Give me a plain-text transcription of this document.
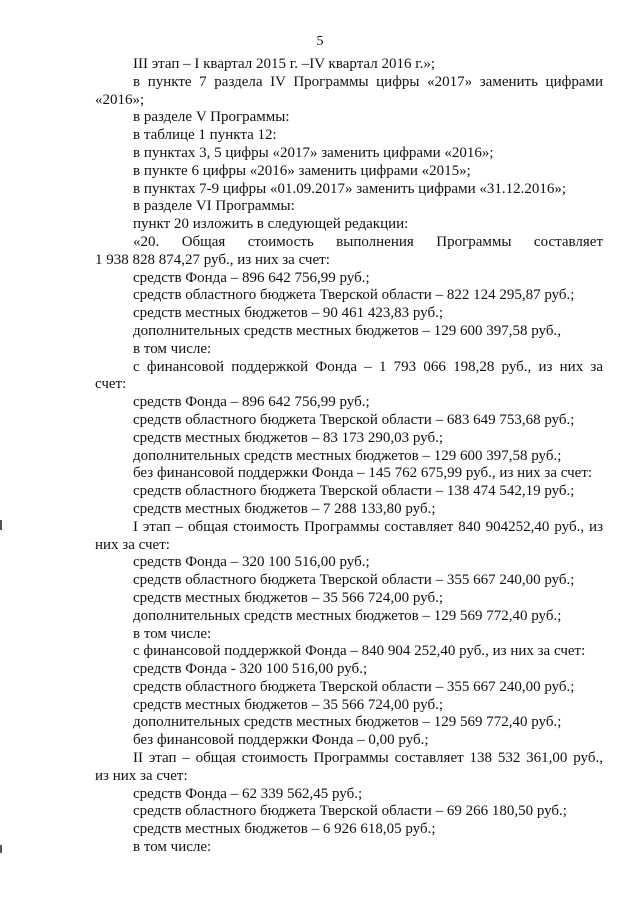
5
III этап – I квартал 2015 г. –IV квартал 2016 г.»;
в пункте 7 раздела IV Программы цифры «2017» заменить цифрами
«2016»;
в разделе V Программы:
в таблице 1 пункта 12:
в пунктах 3, 5 цифры «2017» заменить цифрами «2016»;
в пункте 6 цифры «2016» заменить цифрами «2015»;
в пунктах 7-9 цифры «01.09.2017» заменить цифрами «31.12.2016»;
в разделе VI Программы:
пункт 20 изложить в следующей редакции:
«20. Общая стоимость выполнения Программы составляет
1 938 828 874,27 руб., из них за счет:
средств Фонда – 896 642 756,99 руб.;
средств областного бюджета Тверской области – 822 124 295,87 руб.;
средств местных бюджетов – 90 461 423,83 руб.;
дополнительных средств местных бюджетов – 129 600 397,58 руб.,
в том числе:
с финансовой поддержкой Фонда – 1 793 066 198,28 руб., из них за
счет:
средств Фонда – 896 642 756,99 руб.;
средств областного бюджета Тверской области – 683 649 753,68 руб.;
средств местных бюджетов – 83 173 290,03 руб.;
дополнительных средств местных бюджетов – 129 600 397,58 руб.;
без финансовой поддержки Фонда – 145 762 675,99 руб., из них за счет:
средств областного бюджета Тверской области – 138 474 542,19 руб.;
средств местных бюджетов – 7 288 133,80 руб.;
I этап – общая стоимость Программы составляет 840 904252,40 руб., из
них за счет:
средств Фонда – 320 100 516,00 руб.;
средств областного бюджета Тверской области – 355 667 240,00 руб.;
средств местных бюджетов – 35 566 724,00 руб.;
дополнительных средств местных бюджетов – 129 569 772,40 руб.;
в том числе:
с финансовой поддержкой Фонда – 840 904 252,40 руб., из них за счет:
средств Фонда - 320 100 516,00 руб.;
средств областного бюджета Тверской области – 355 667 240,00 руб.;
средств местных бюджетов – 35 566 724,00 руб.;
дополнительных средств местных бюджетов – 129 569 772,40 руб.;
без финансовой поддержки Фонда – 0,00 руб.;
II этап – общая стоимость Программы составляет 138 532 361,00 руб.,
из них за счет:
средств Фонда – 62 339 562,45 руб.;
средств областного бюджета Тверской области – 69 266 180,50 руб.;
средств местных бюджетов – 6 926 618,05 руб.;
в том числе:
